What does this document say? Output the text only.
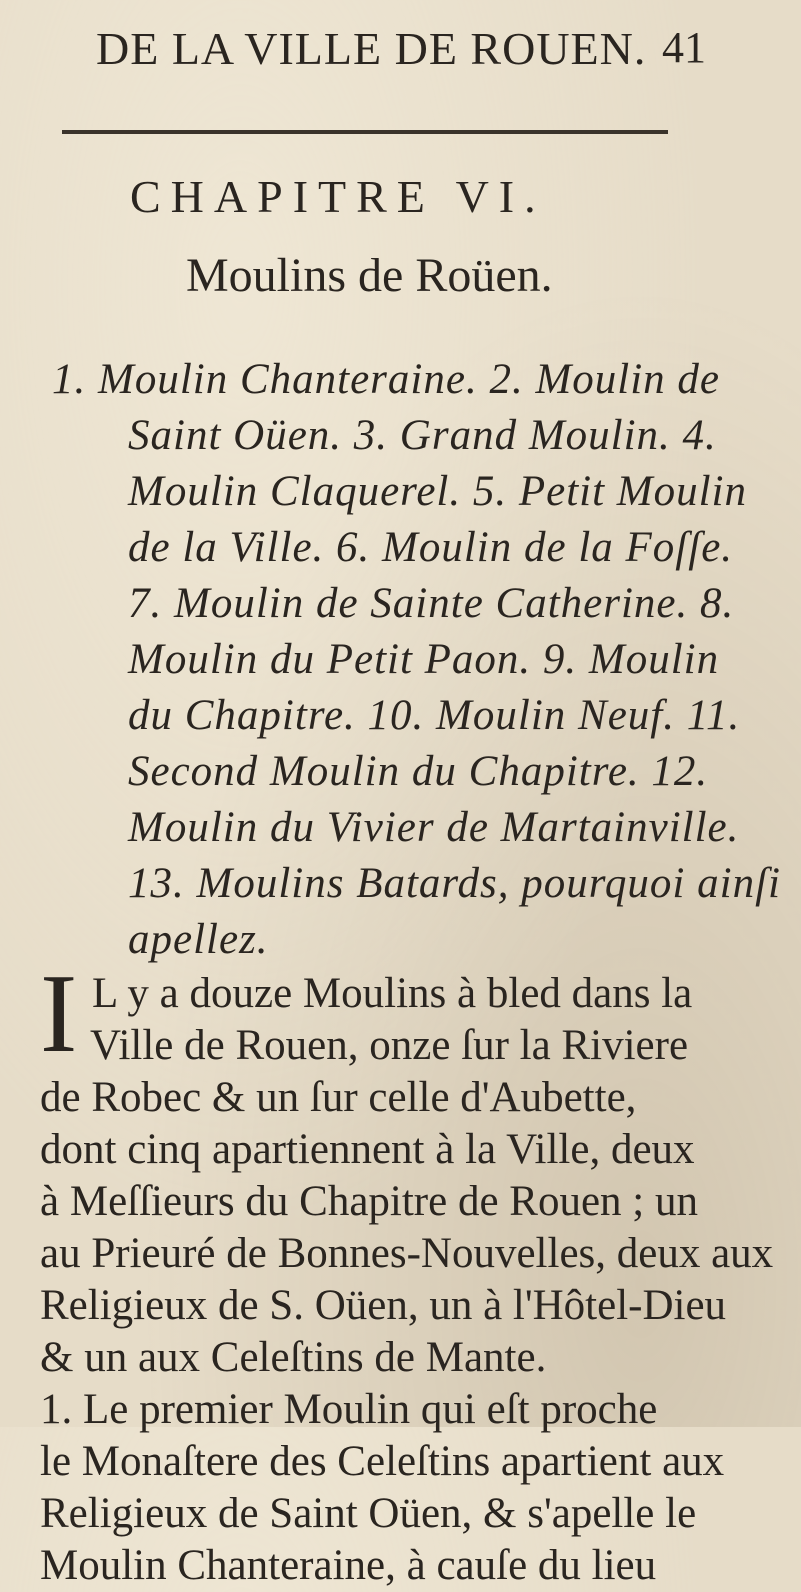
DE LA VILLE DE ROUEN. 41
CHAPITRE VI.
Moulins de Roüen.

1. Moulin Chanteraine. 2. Moulin de

Saint Oüen. 3. Grand Moulin. 4.

Moulin Claquerel. 5. Petit Moulin

de la Ville. 6. Moulin de la Foſſe.

7. Moulin de Sainte Catherine. 8.

Moulin du Petit Paon. 9. Moulin

du Chapitre. 10. Moulin Neuf. 11.

Second Moulin du Chapitre. 12.

Moulin du Vivier de Martainville.

13. Moulins Batards, pourquoi ainſi

apellez.

I L y a douze Moulins à bled dans la

Ville de Rouen, onze ſur la Riviere

de Robec & un ſur celle d'Aubette,

dont cinq apartiennent à la Ville, deux

à Meſſieurs du Chapitre de Rouen ; un

au Prieuré de Bonnes-Nouvelles, deux aux

Religieux de S. Oüen, un à l'Hôtel-Dieu

& un aux Celeſtins de Mante.

1. Le premier Moulin qui eſt proche

le Monaſtere des Celeſtins apartient aux

Religieux de Saint Oüen, & s'apelle le

Moulin Chanteraine, à cauſe du lieu
